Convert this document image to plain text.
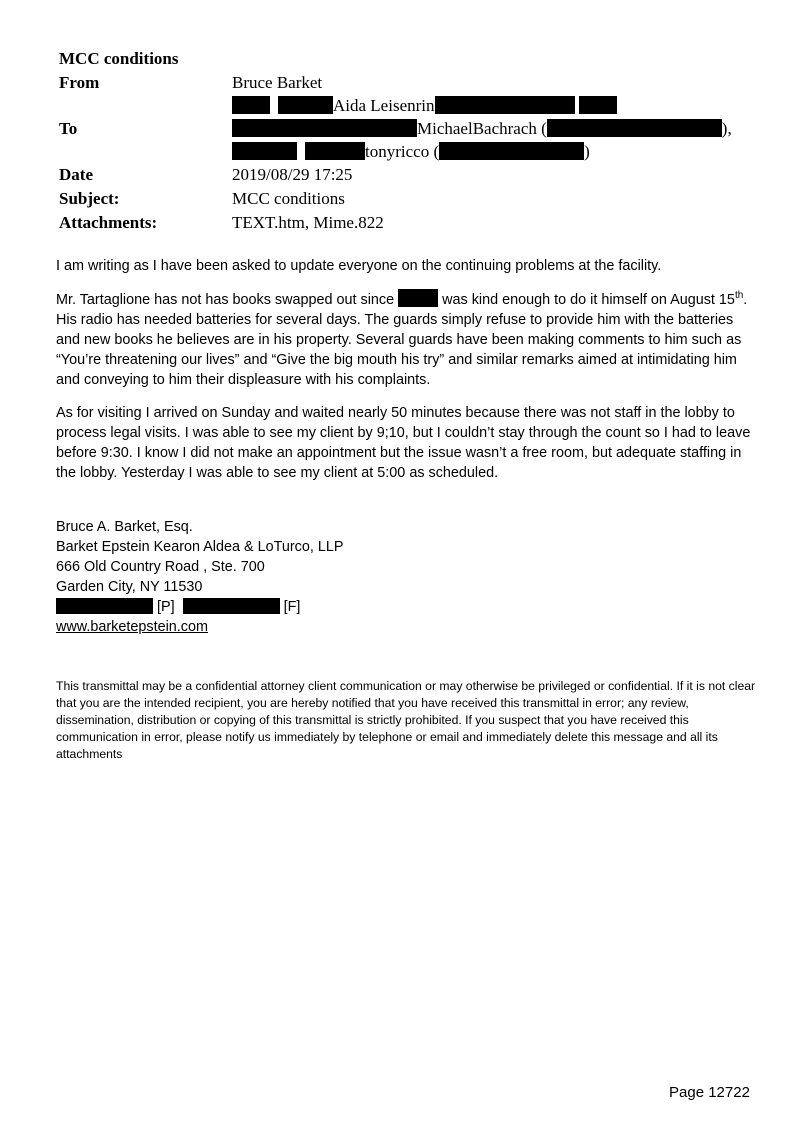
MCC conditions
From	Bruce Barket
Aida Leisenrin
To	MichaelBachrach (	),
tonyricco (	)
Date	2019/08/29 17:25
Subject:	MCC conditions
Attachments:	TEXT.htm, Mime.822

I am writing as I have been asked to update everyone on the continuing problems at the facility.

Mr. Tartaglione has not has books swapped out since	was kind enough to do it himself on August 15th. His radio has needed batteries for several days. The guards simply refuse to provide him with the batteries and new books he believes are in his property. Several guards have been making comments to him such as “You’re threatening our lives” and “Give the big mouth his try” and similar remarks aimed at intimidating him and conveying to him their displeasure with his complaints.

As for visiting I arrived on Sunday and waited nearly 50 minutes because there was not staff in the lobby to process legal visits. I was able to see my client by 9;10, but I couldn’t stay through the count so I had to leave before 9:30. I know I did not make an appointment but the issue wasn’t a free room, but adequate staffing in the lobby. Yesterday I was able to see my client at 5:00 as scheduled.

Bruce A. Barket, Esq.
Barket Epstein Kearon Aldea & LoTurco, LLP
666 Old Country Road , Ste. 700
Garden City, NY 11530
[P]	[F]
www.barketepstein.com
This transmittal may be a confidential attorney client communication or may otherwise be privileged or confidential. If it is not clear that you are the intended recipient, you are hereby notified that you have received this transmittal in error; any review, dissemination, distribution or copying of this transmittal is strictly prohibited. If you suspect that you have received this communication in error, please notify us immediately by telephone or email and immediately delete this message and all its attachments
Page 12722
